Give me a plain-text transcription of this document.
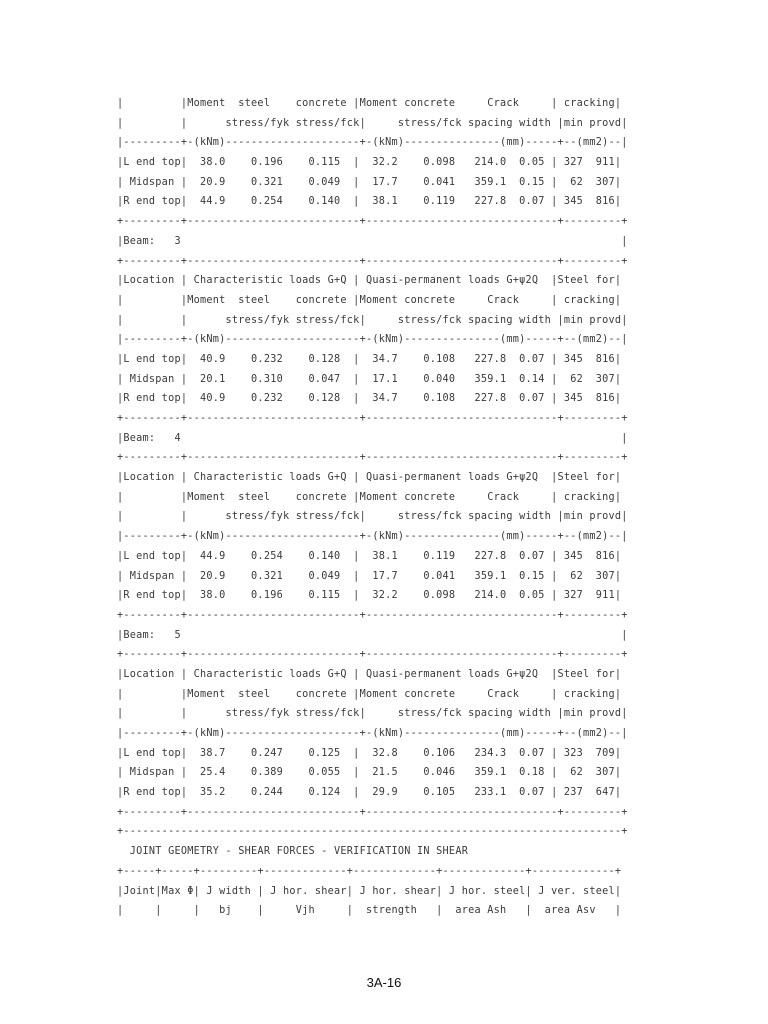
|         |Moment  steel    concrete |Moment concrete     Crack     | cracking|
|         |      stress/fyk stress/fck|     stress/fck spacing width |min provd|
|---------+-(kNm)---------------------+-(kNm)---------------(mm)-----+--(mm2)--|
|L end top|  38.0    0.196    0.115  |  32.2    0.098   214.0  0.05 | 327  911|
| Midspan |  20.9    0.321    0.049  |  17.7    0.041   359.1  0.15 |  62  307|
|R end top|  44.9    0.254    0.140  |  38.1    0.119   227.8  0.07 | 345  816|
+---------+---------------------------+------------------------------+---------+
|Beam:   3                                                                     |
+---------+---------------------------+------------------------------+---------+
|Location | Characteristic loads G+Q | Quasi-permanent loads G+ψ2Q  |Steel for|
|         |Moment  steel    concrete |Moment concrete     Crack     | cracking|
|         |      stress/fyk stress/fck|     stress/fck spacing width |min provd|
|---------+-(kNm)---------------------+-(kNm)---------------(mm)-----+--(mm2)--|
|L end top|  40.9    0.232    0.128  |  34.7    0.108   227.8  0.07 | 345  816|
| Midspan |  20.1    0.310    0.047  |  17.1    0.040   359.1  0.14 |  62  307|
|R end top|  40.9    0.232    0.128  |  34.7    0.108   227.8  0.07 | 345  816|
+---------+---------------------------+------------------------------+---------+
|Beam:   4                                                                     |
+---------+---------------------------+------------------------------+---------+
|Location | Characteristic loads G+Q | Quasi-permanent loads G+ψ2Q  |Steel for|
|         |Moment  steel    concrete |Moment concrete     Crack     | cracking|
|         |      stress/fyk stress/fck|     stress/fck spacing width |min provd|
|---------+-(kNm)---------------------+-(kNm)---------------(mm)-----+--(mm2)--|
|L end top|  44.9    0.254    0.140  |  38.1    0.119   227.8  0.07 | 345  816|
| Midspan |  20.9    0.321    0.049  |  17.7    0.041   359.1  0.15 |  62  307|
|R end top|  38.0    0.196    0.115  |  32.2    0.098   214.0  0.05 | 327  911|
+---------+---------------------------+------------------------------+---------+
|Beam:   5                                                                     |
+---------+---------------------------+------------------------------+---------+
|Location | Characteristic loads G+Q | Quasi-permanent loads G+ψ2Q  |Steel for|
|         |Moment  steel    concrete |Moment concrete     Crack     | cracking|
|         |      stress/fyk stress/fck|     stress/fck spacing width |min provd|
|---------+-(kNm)---------------------+-(kNm)---------------(mm)-----+--(mm2)--|
|L end top|  38.7    0.247    0.125  |  32.8    0.106   234.3  0.07 | 323  709|
| Midspan |  25.4    0.389    0.055  |  21.5    0.046   359.1  0.18 |  62  307|
|R end top|  35.2    0.244    0.124  |  29.9    0.105   233.1  0.07 | 237  647|
+---------+---------------------------+------------------------------+---------+
+------------------------------------------------------------------------------+
JOINT GEOMETRY - SHEAR FORCES - VERIFICATION IN SHEAR
+-----+-----+---------+-------------+-------------+-------------+-------------+
|Joint|Max Φ| J width | J hor. shear| J hor. shear| J hor. steel| J ver. steel|
|     |     |   bj    |     Vjh     |  strength   |  area Ash   |  area Asv   |
3A-16
